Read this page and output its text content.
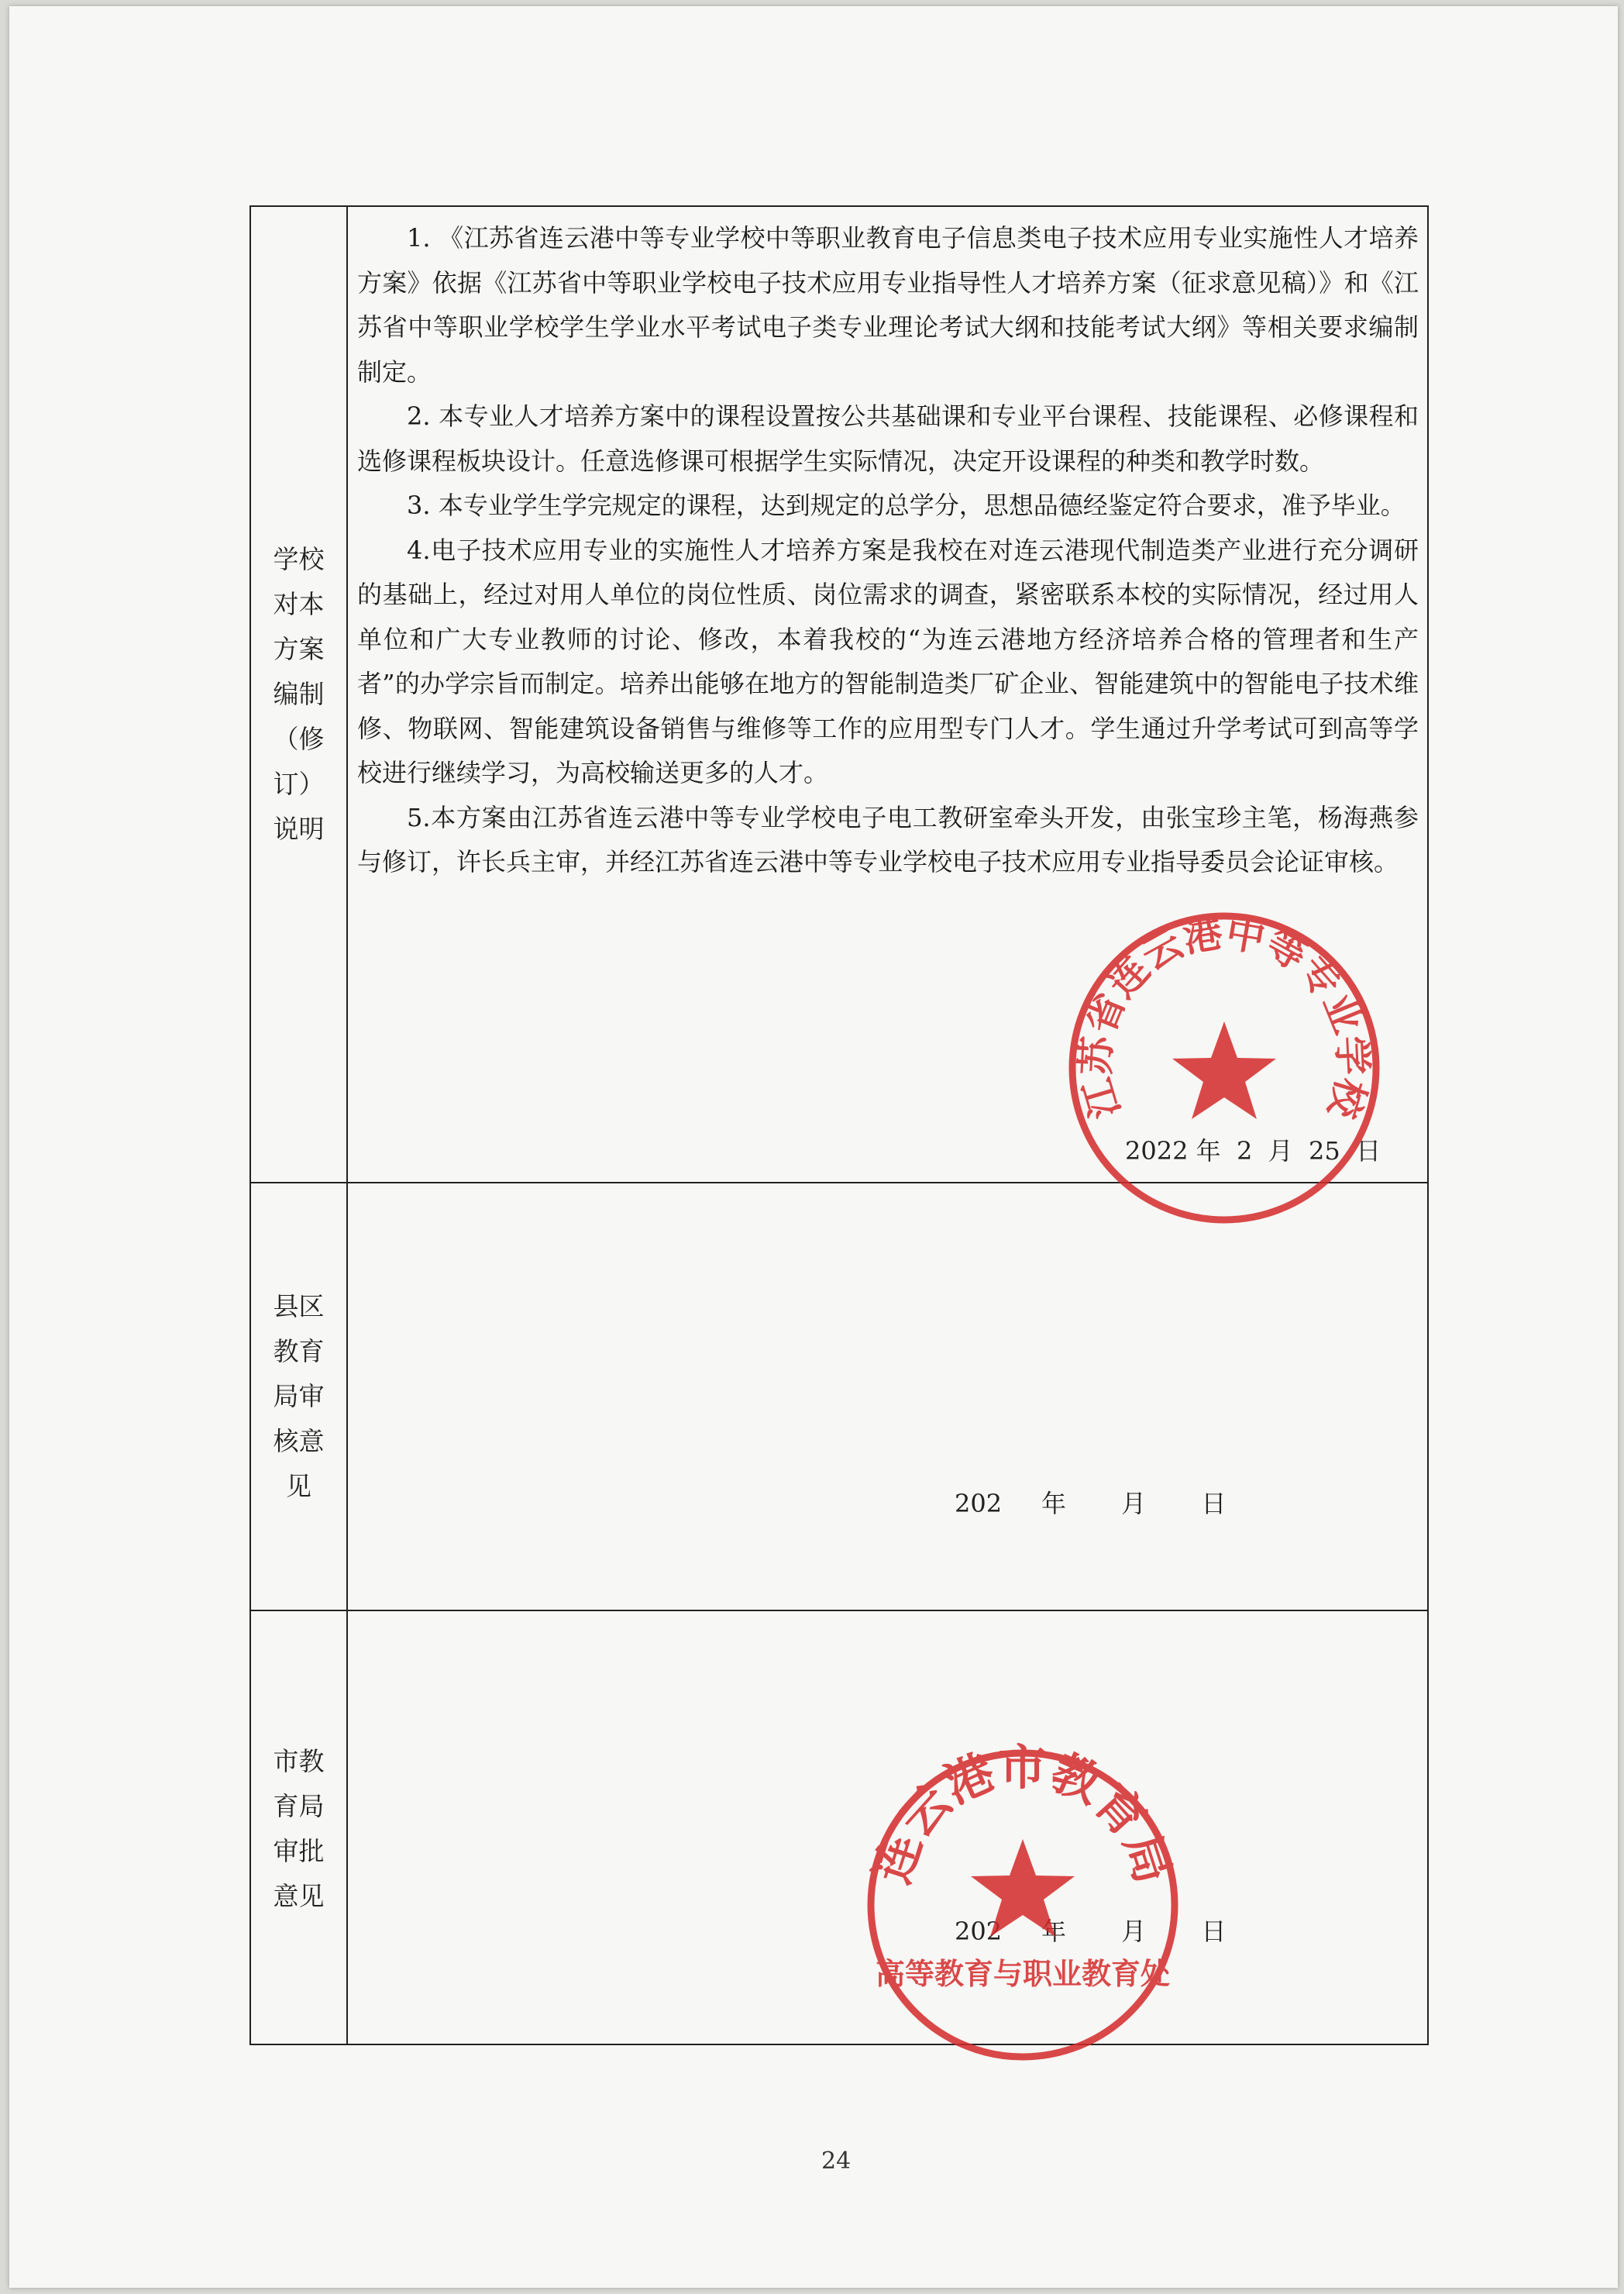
学校对本方案编制（修订）说明

1. 《江苏省连云港中等专业学校中等职业教育电子信息类电子技术应用专业实施性人才培养方案》依据《江苏省中等职业学校电子技术应用专业指导性人才培养方案（征求意见稿）》和《江苏省中等职业学校学生学业水平考试电子类专业理论考试大纲和技能考试大纲》等相关要求编制制定。

2. 本专业人才培养方案中的课程设置按公共基础课和专业平台课程、技能课程、必修课程和选修课程板块设计。任意选修课可根据学生实际情况，决定开设课程的种类和教学时数。

3. 本专业学生学完规定的课程，达到规定的总学分，思想品德经鉴定符合要求，准予毕业。

4.电子技术应用专业的实施性人才培养方案是我校在对连云港现代制造类产业进行充分调研的基础上，经过对用人单位的岗位性质、岗位需求的调查，紧密联系本校的实际情况，经过用人单位和广大专业教师的讨论、修改，本着我校的“为连云港地方经济培养合格的管理者和生产者”的办学宗旨而制定。培养出能够在地方的智能制造类厂矿企业、智能建筑中的智能电子技术维修、物联网、智能建筑设备销售与维修等工作的应用型专门人才。学生通过升学考试可到高等学校进行继续学习，为高校输送更多的人才。

5.本方案由江苏省连云港中等专业学校电子电工教研室牵头开发，由张宝珍主笔，杨海燕参与修订，许长兵主审，并经江苏省连云港中等专业学校电子技术应用专业指导委员会论证审核。

2022 年  2  月  25  日
县区教育局审核意见
202     年       月       日
市教育局审批意见
202     年       月       日
江苏省连云港中等专业学校
连云港市教育局
高等教育与职业教育处
24
